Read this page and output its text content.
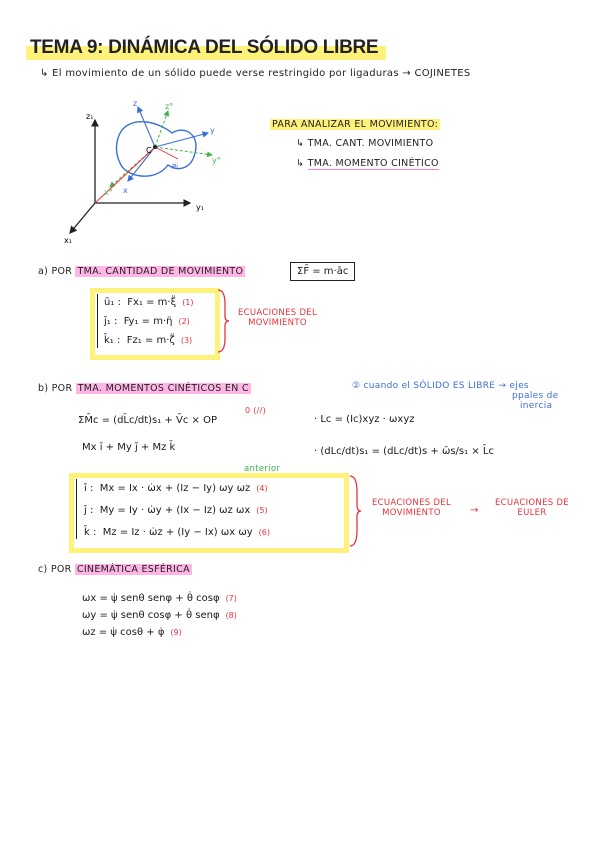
TEMA 9: DINÁMICA DEL SÓLIDO LIBRE
↳ El movimiento de un sólido puede verse restringido por ligaduras → COJINETES
z₁
y₁
x₁
z	z°
y
y°
x
x°
C
Pi
PARA ANALIZAR EL MOVIMIENTO:
↳ TMA. CANT. MOVIMIENTO
↳ TMA. MOMENTO CINÉTICO
a) POR TMA. CANTIDAD DE MOVIMIENTO	ΣF̄ = m·āc
ū₁ : Fx₁ = m·ξ̈ (1)
j̄₁ : Fy₁ = m·η̈ (2)
k̄₁ : Fz₁ = m·ζ̈ (3)
ECUACIONES DEL
MOVIMIENTO
b) POR TMA. MOMENTOS CINÉTICOS EN C	② cuando el SÓLIDO ES LIBRE → ejes
ppales de
inercia
ΣM̄c = (dL̄c/dt)s₁ + V̄c × OP
0 (//)
Mx ī + My j̄ + Mz k̄
· Lc = (Ic)xyz · ωxyz
· (dLc/dt)s₁ = (dLc/dt)s + ω̄s/s₁ × L̄c
anterior
ī : Mx = Ix · ω̇x + (Iz − Iy) ωy ωz (4)
j̄ : My = Iy · ω̇y + (Ix − Iz) ωz ωx (5)
k̄ : Mz = Iz · ω̇z + (Iy − Ix) ωx ωy (6)
ECUACIONES DEL
MOVIMIENTO	→
ECUACIONES DE
EULER
c) POR CINEMÁTICA ESFÉRICA
ωx = ψ̇ senθ senφ + θ̇ cosφ (7)
ωy = ψ̇ senθ cosφ + θ̇ senφ (8)
ωz = ψ̇ cosθ + φ̇ (9)
